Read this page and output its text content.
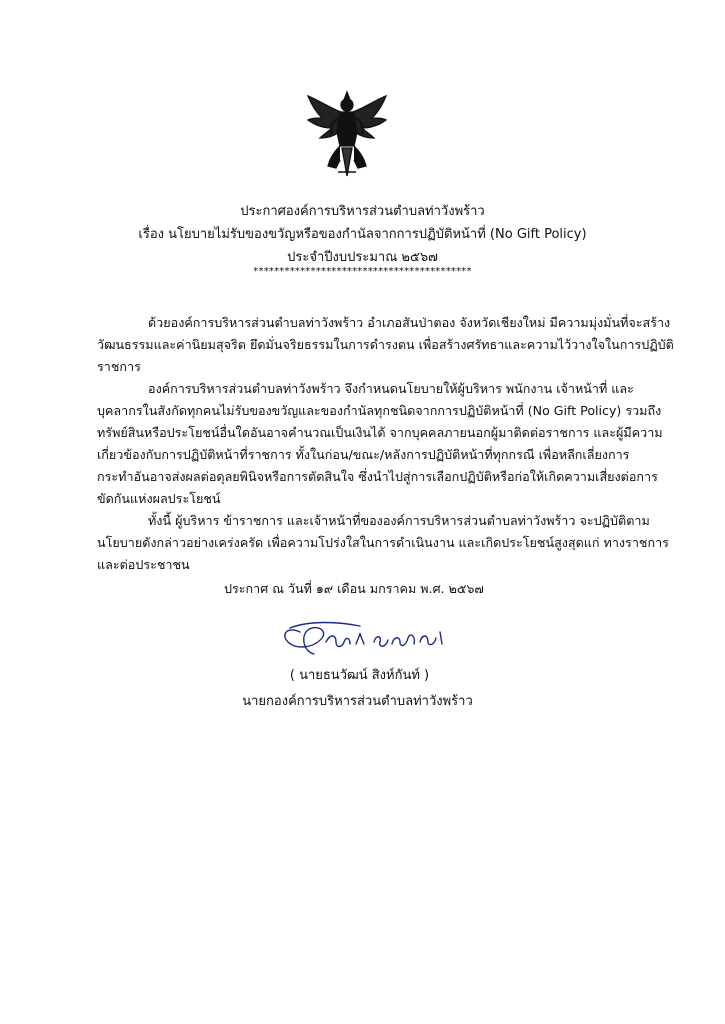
ประกาศองค์การบริหารส่วนตำบลท่าวังพร้าว
เรื่อง นโยบายไม่รับของขวัญหรือของกำนัลจากการปฏิบัติหน้าที่ (No Gift Policy)
ประจำปีงบประมาณ ๒๕๖๗
******************************************
ด้วยองค์การบริหารส่วนตำบลท่าวังพร้าว อำเภอสันป่าตอง จังหวัดเชียงใหม่ มีความมุ่งมั่นที่จะสร้าง
วัฒนธรรมและค่านิยมสุจริต ยึดมั่นจริยธรรมในการดำรงตน เพื่อสร้างศรัทธาและความไว้วางใจในการปฏิบัติ
ราชการ
องค์การบริหารส่วนตำบลท่าวังพร้าว จึงกำหนดนโยบายให้ผู้บริหาร พนักงาน เจ้าหน้าที่ และ
บุคลากรในสังกัดทุกคนไม่รับของขวัญและของกำนัลทุกชนิดจากการปฏิบัติหน้าที่ (No Gift Policy) รวมถึง
ทรัพย์สินหรือประโยชน์อื่นใดอันอาจคำนวณเป็นเงินได้ จากบุคคลภายนอกผู้มาติดต่อราชการ และผู้มีความ
เกี่ยวข้องกับการปฏิบัติหน้าที่ราชการ ทั้งในก่อน/ขณะ/หลังการปฏิบัติหน้าที่ทุกกรณี เพื่อหลีกเลี่ยงการ
กระทำอันอาจส่งผลต่อดุลยพินิจหรือการตัดสินใจ ซึ่งนำไปสู่การเลือกปฏิบัติหรือก่อให้เกิดความเสี่ยงต่อการ
ขัดกันแห่งผลประโยชน์
ทั้งนี้ ผู้บริหาร ข้าราชการ และเจ้าหน้าที่ขององค์การบริหารส่วนตำบลท่าวังพร้าว จะปฏิบัติตาม
นโยบายดังกล่าวอย่างเคร่งครัด เพื่อความโปร่งใสในการดำเนินงาน และเกิดประโยชน์สูงสุดแก่ ทางราชการ
และต่อประชาชน
ประกาศ ณ วันที่ ๑๙ เดือน มกราคม พ.ศ. ๒๕๖๗
( นายธนวัฒน์ สิงห์กันท์ )
นายกองค์การบริหารส่วนตำบลท่าวังพร้าว
